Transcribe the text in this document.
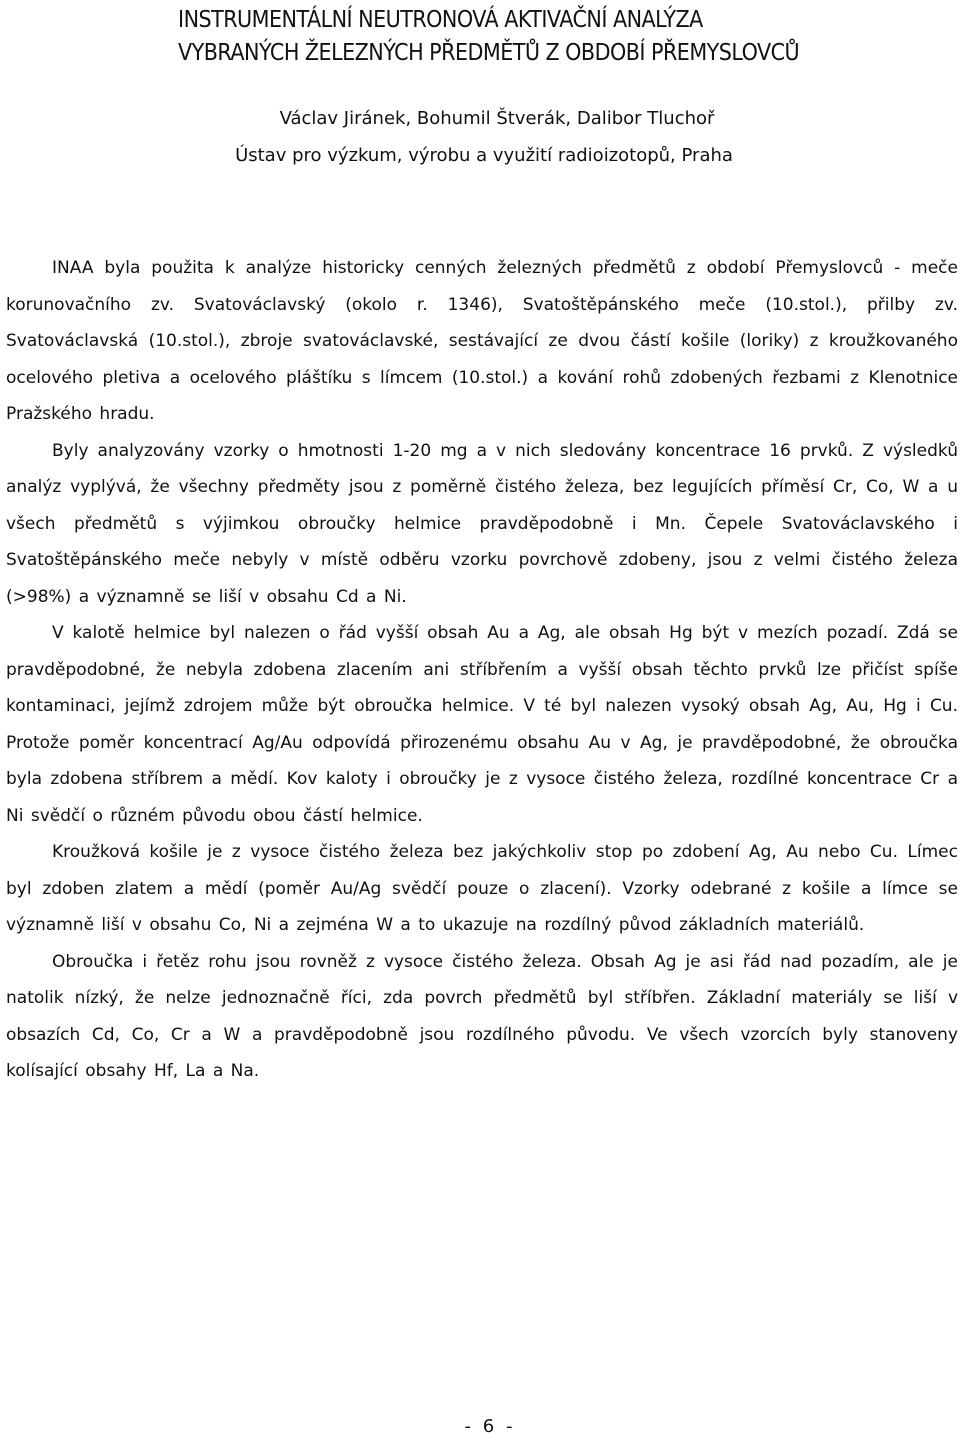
INSTRUMENTÁLNÍ NEUTRONOVÁ AKTIVAČNÍ ANALÝZA
VYBRANÝCH ŽELEZNÝCH PŘEDMĚTŮ Z OBDOBÍ PŘEMYSLOVCŮ
Václav Jiránek, Bohumil Štverák, Dalibor Tluchoř
Ústav pro výzkum, výrobu a využití radioizotopů, Praha

INAA byla použita k analýze historicky cenných železných předmětů z období Přemyslovců - meče korunovačního zv. Svatováclavský (okolo r. 1346), Svatoštěpánského meče (10.stol.), přilby zv. Svatováclavská (10.stol.), zbroje svatováclavské, sestávající ze dvou částí košile (loriky) z kroužkovaného ocelového pletiva a ocelového pláštíku s límcem (10.stol.) a kování rohů zdobených řezbami z Klenotnice Pražského hradu.

Byly analyzovány vzorky o hmotnosti 1-20 mg a v nich sledovány koncentrace 16 prvků. Z výsledků analýz vyplývá, že všechny předměty jsou z poměrně čistého železa, bez legujících příměsí Cr, Co, W a u všech předmětů s výjimkou obroučky helmice pravděpodobně i Mn. Čepele Svatováclavského i Svatoštěpánského meče nebyly v místě odběru vzorku povrchově zdobeny, jsou z velmi čistého železa (>98%) a významně se liší v obsahu Cd a Ni.

V kalotě helmice byl nalezen o řád vyšší obsah Au a Ag, ale obsah Hg být v mezích pozadí. Zdá se pravděpodobné, že nebyla zdobena zlacením ani stříbřením a vyšší obsah těchto prvků lze přičíst spíše kontaminaci, jejímž zdrojem může být obroučka helmice. V té byl nalezen vysoký obsah Ag, Au, Hg i Cu. Protože poměr koncentrací Ag/Au odpovídá přirozenému obsahu Au v Ag, je pravděpodobné, že obroučka byla zdobena stříbrem a mědí. Kov kaloty i obroučky je z vysoce čistého železa, rozdílné koncentrace Cr a Ni svědčí o různém původu obou částí helmice.

Kroužková košile je z vysoce čistého železa bez jakýchkoliv stop po zdobení Ag, Au nebo Cu. Límec byl zdoben zlatem a mědí (poměr Au/Ag svědčí pouze o zlacení). Vzorky odebrané z košile a límce se významně liší v obsahu Co, Ni a zejména W a to ukazuje na rozdílný původ základních materiálů.

Obroučka i řetěz rohu jsou rovněž z vysoce čistého železa. Obsah Ag je asi řád nad pozadím, ale je natolik nízký, že nelze jednoznačně říci, zda povrch předmětů byl stříbřen. Základní materiály se liší v obsazích Cd, Co, Cr a W a pravděpodobně jsou rozdílného původu. Ve všech vzorcích byly stanoveny kolísající obsahy Hf, La a Na.

- 6 -
